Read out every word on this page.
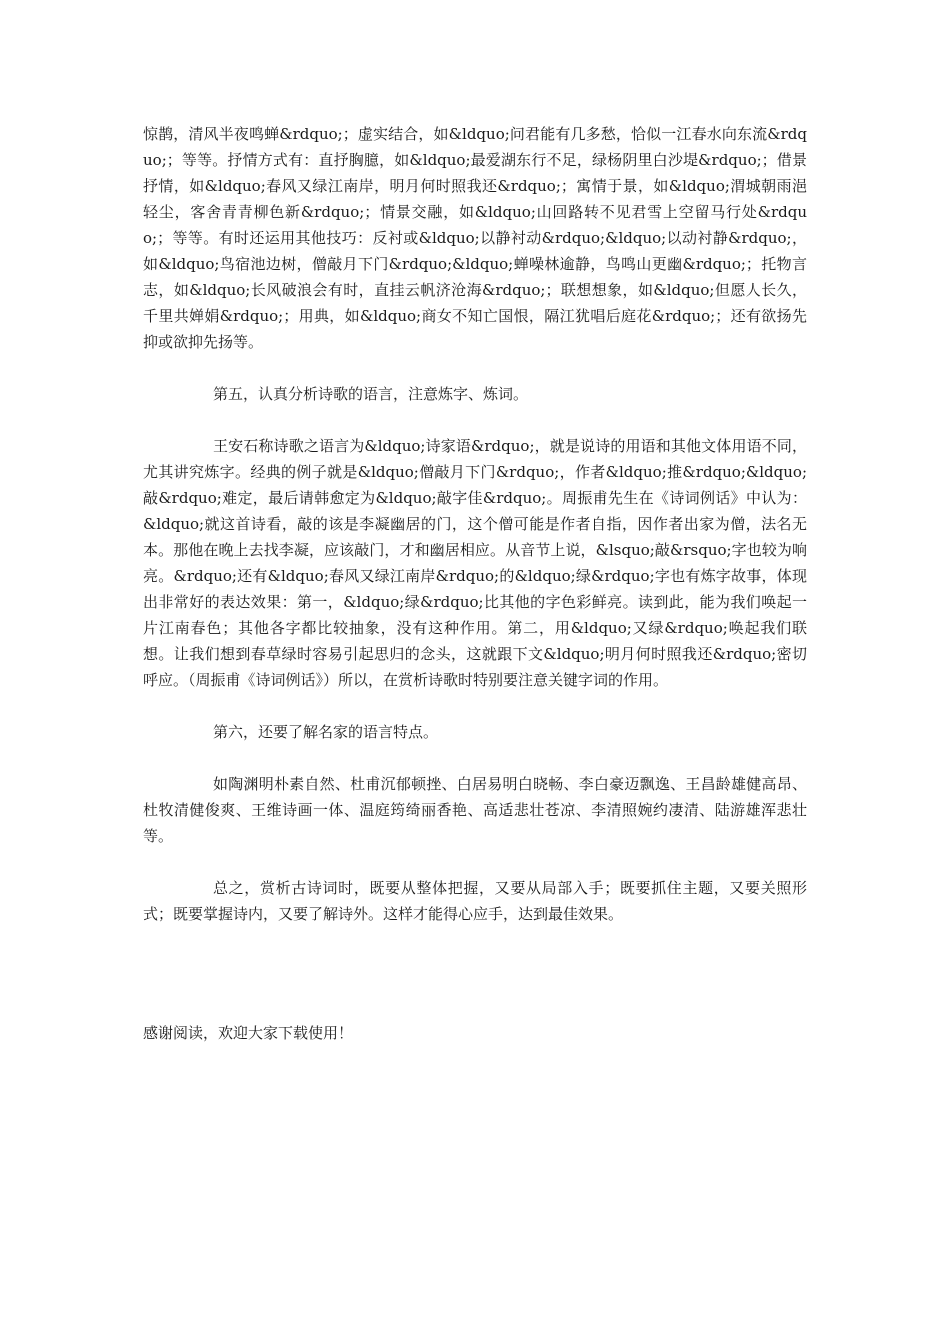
惊鹊，清风半夜鸣蝉&rdquo;；虚实结合，如&ldquo;问君能有几多愁，恰似一江春水向东流&rdquo;；等等。抒情方式有：直抒胸臆，如&ldquo;最爱湖东行不足，绿杨阴里白沙堤&rdquo;；借景抒情，如&ldquo;春风又绿江南岸，明月何时照我还&rdquo;；寓情于景，如&ldquo;渭城朝雨浥轻尘，客舍青青柳色新&rdquo;；情景交融，如&ldquo;山回路转不见君雪上空留马行处&rdquo;；等等。有时还运用其他技巧：反衬或&ldquo;以静衬动&rdquo;&ldquo;以动衬静&rdquo;，如&ldquo;鸟宿池边树，僧敲月下门&rdquo;&ldquo;蝉噪林逾静，鸟鸣山更幽&rdquo;；托物言志，如&ldquo;长风破浪会有时，直挂云帆济沧海&rdquo;；联想想象，如&ldquo;但愿人长久，千里共婵娟&rdquo;；用典，如&ldquo;商女不知亡国恨，隔江犹唱后庭花&rdquo;；还有欲扬先抑或欲抑先扬等。

第五，认真分析诗歌的语言，注意炼字、炼词。

王安石称诗歌之语言为&ldquo;诗家语&rdquo;，就是说诗的用语和其他文体用语不同，尤其讲究炼字。经典的例子就是&ldquo;僧敲月下门&rdquo;，作者&ldquo;推&rdquo;&ldquo;敲&rdquo;难定，最后请韩愈定为&ldquo;敲字佳&rdquo;。周振甫先生在《诗词例话》中认为：&ldquo;就这首诗看，敲的该是李凝幽居的门，这个僧可能是作者自指，因作者出家为僧，法名无本。那他在晚上去找李凝，应该敲门，才和幽居相应。从音节上说，&lsquo;敲&rsquo;字也较为响亮。&rdquo;还有&ldquo;春风又绿江南岸&rdquo;的&ldquo;绿&rdquo;字也有炼字故事，体现出非常好的表达效果：第一，&ldquo;绿&rdquo;比其他的字色彩鲜亮。读到此，能为我们唤起一片江南春色；其他各字都比较抽象，没有这种作用。第二，用&ldquo;又绿&rdquo;唤起我们联想。让我们想到春草绿时容易引起思归的念头，这就跟下文&ldquo;明月何时照我还&rdquo;密切呼应。（周振甫《诗词例话》）所以，在赏析诗歌时特别要注意关键字词的作用。

第六，还要了解名家的语言特点。

如陶渊明朴素自然、杜甫沉郁顿挫、白居易明白晓畅、李白豪迈飘逸、王昌龄雄健高昂、杜牧清健俊爽、王维诗画一体、温庭筠绮丽香艳、高适悲壮苍凉、李清照婉约凄清、陆游雄浑悲壮等。

总之，赏析古诗词时，既要从整体把握，又要从局部入手；既要抓住主题，又要关照形式；既要掌握诗内，又要了解诗外。这样才能得心应手，达到最佳效果。

感谢阅读，欢迎大家下载使用！
